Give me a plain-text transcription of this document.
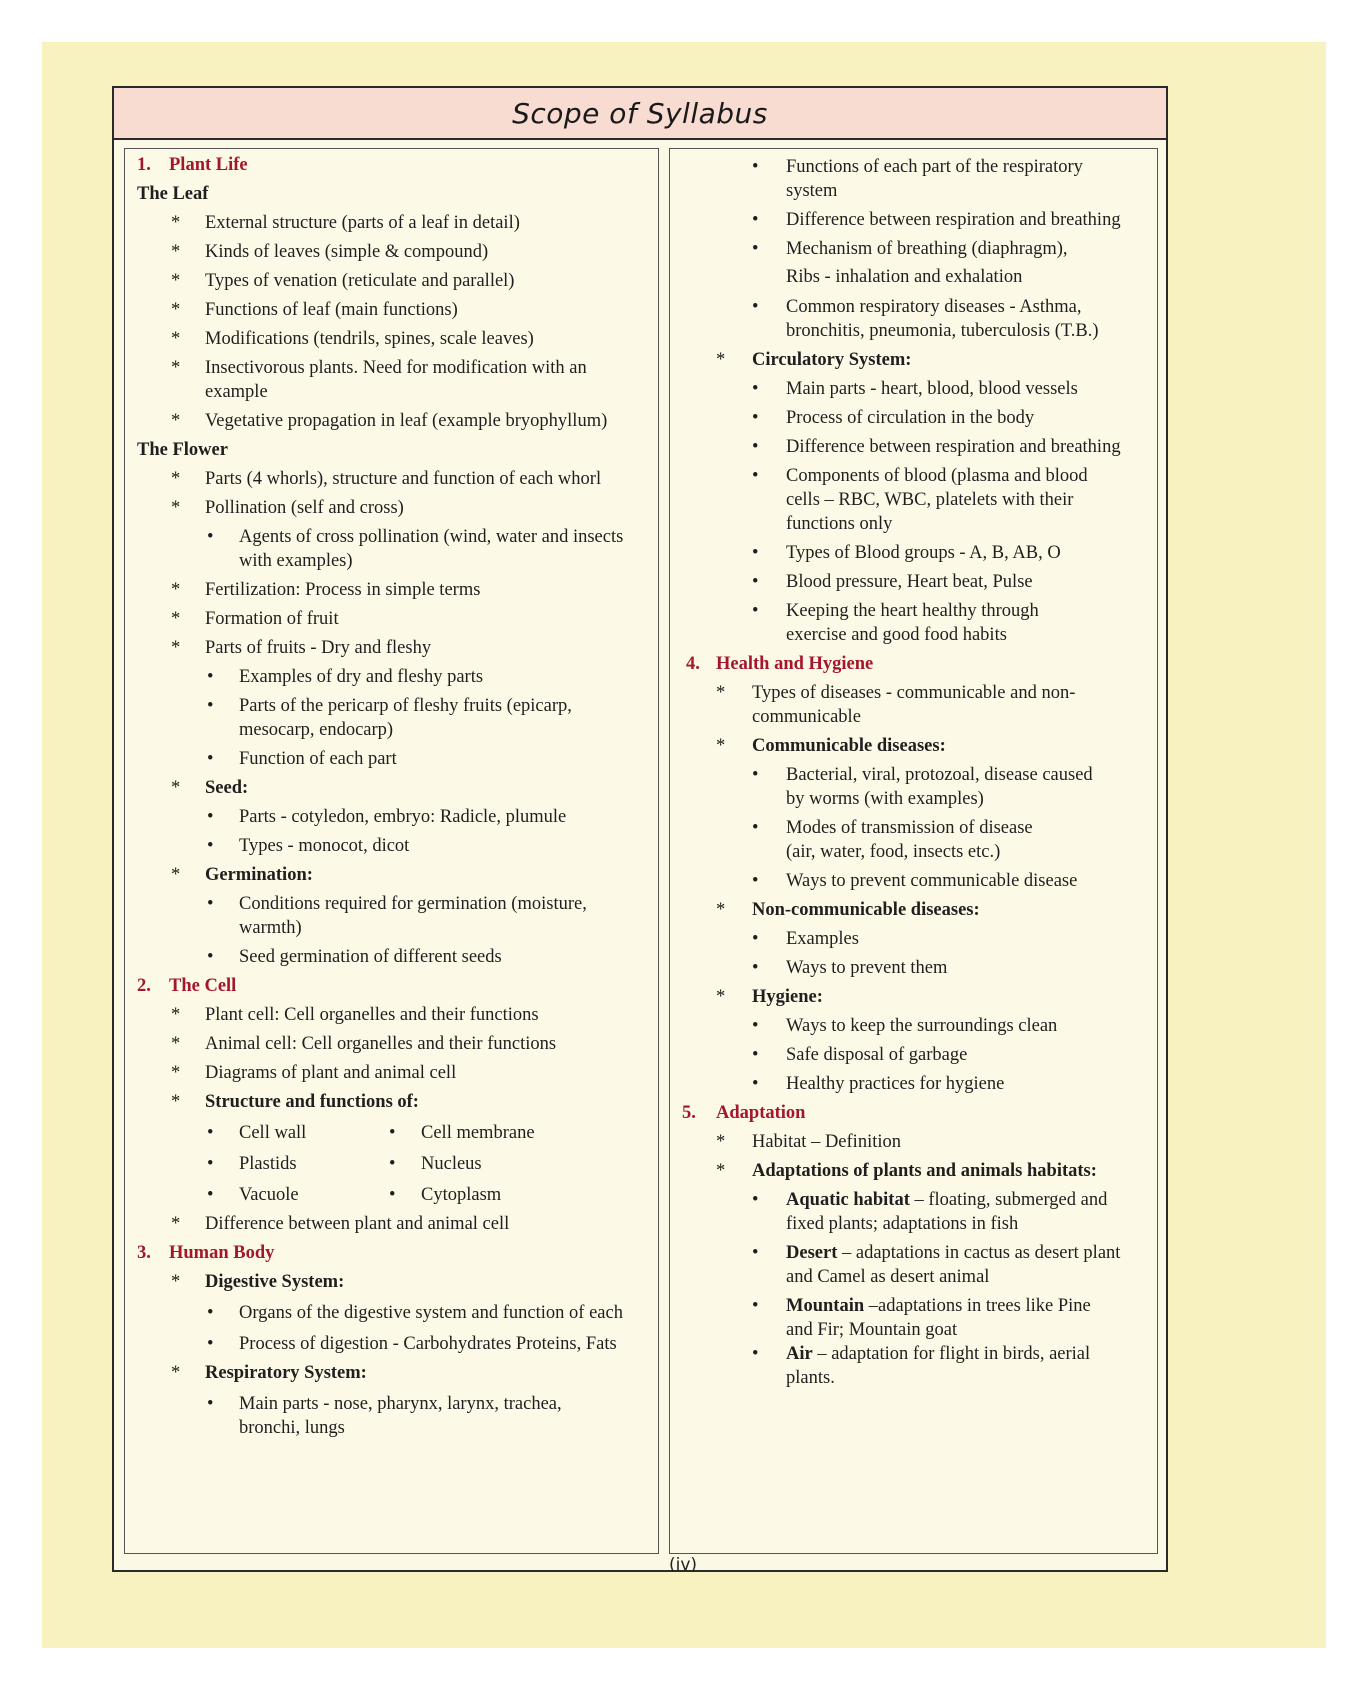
Scope of Syllabus
1. Plant Life
The Leaf
* External structure (parts of a leaf in detail)
* Kinds of leaves (simple & compound)
* Types of venation (reticulate and parallel)
* Functions of leaf (main functions)
* Modifications (tendrils, spines, scale leaves)
* Insectivorous plants. Need for modification with an
example
* Vegetative propagation in leaf (example bryophyllum)
The Flower
* Parts (4 whorls), structure and function of each whorl
* Pollination (self and cross)
• Agents of cross pollination (wind, water and insects
with examples)
* Fertilization: Process in simple terms
* Formation of fruit
* Parts of fruits - Dry and fleshy
• Examples of dry and fleshy parts
• Parts of the pericarp of fleshy fruits (epicarp,
mesocarp, endocarp)
• Function of each part
* Seed:
• Parts - cotyledon, embryo: Radicle, plumule
• Types - monocot, dicot
* Germination:
• Conditions required for germination (moisture,
warmth)
• Seed germination of different seeds
2. The Cell
* Plant cell: Cell organelles and their functions
* Animal cell: Cell organelles and their functions
* Diagrams of plant and animal cell
* Structure and functions of:
• Cell wall	• Cell membrane
• Plastids	• Nucleus
• Vacuole	• Cytoplasm
* Difference between plant and animal cell
3. Human Body
* Digestive System:
• Organs of the digestive system and function of each
• Process of digestion - Carbohydrates Proteins, Fats
* Respiratory System:
• Main parts - nose, pharynx, larynx, trachea,
bronchi, lungs
• Functions of each part of the respiratory
system
• Difference between respiration and breathing
• Mechanism of breathing (diaphragm),
Ribs - inhalation and exhalation
• Common respiratory diseases - Asthma,
bronchitis, pneumonia, tuberculosis (T.B.)
* Circulatory System:
• Main parts - heart, blood, blood vessels
• Process of circulation in the body
• Difference between respiration and breathing
• Components of blood (plasma and blood
cells – RBC, WBC, platelets with their
functions only
• Types of Blood groups - A, B, AB, O
• Blood pressure, Heart beat, Pulse
• Keeping the heart healthy through
exercise and good food habits
4. Health and Hygiene
* Types of diseases - communicable and non-
communicable
* Communicable diseases:
• Bacterial, viral, protozoal, disease caused
by worms (with examples)
• Modes of transmission of disease
(air, water, food, insects etc.)
• Ways to prevent communicable disease
* Non-communicable diseases:
• Examples
• Ways to prevent them
* Hygiene:
• Ways to keep the surroundings clean
• Safe disposal of garbage
• Healthy practices for hygiene
5. Adaptation
* Habitat – Definition
* Adaptations of plants and animals habitats:
• Aquatic habitat – floating, submerged and
fixed plants; adaptations in fish
• Desert – adaptations in cactus as desert plant
and Camel as desert animal
• Mountain –adaptations in trees like Pine
and Fir; Mountain goat
• Air – adaptation for flight in birds, aerial
plants.
(iv)
